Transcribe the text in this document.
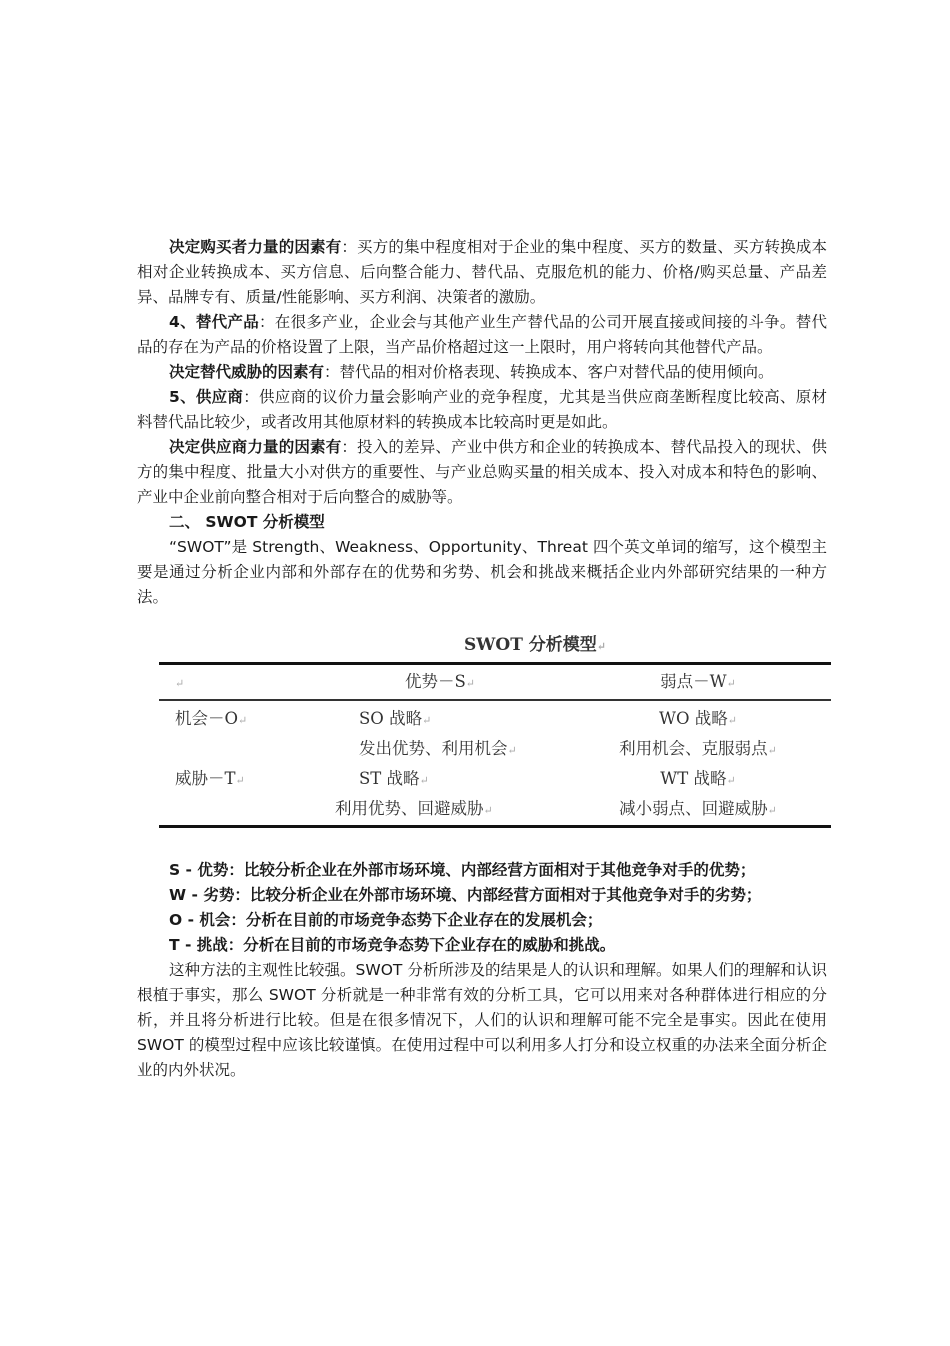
决定购买者力量的因素有：买方的集中程度相对于企业的集中程度、买方的数量、买方转换成本相对企业转换成本、买方信息、后向整合能力、替代品、克服危机的能力、价格/购买总量、产品差异、品牌专有、质量/性能影响、买方利润、决策者的激励。

4、替代产品：在很多产业，企业会与其他产业生产替代品的公司开展直接或间接的斗争。替代品的存在为产品的价格设置了上限，当产品价格超过这一上限时，用户将转向其他替代产品。

决定替代威胁的因素有：替代品的相对价格表现、转换成本、客户对替代品的使用倾向。

5、供应商：供应商的议价力量会影响产业的竞争程度，尤其是当供应商垄断程度比较高、原材料替代品比较少，或者改用其他原材料的转换成本比较高时更是如此。

决定供应商力量的因素有：投入的差异、产业中供方和企业的转换成本、替代品投入的现状、供方的集中程度、批量大小对供方的重要性、与产业总购买量的相关成本、投入对成本和特色的影响、产业中企业前向整合相对于后向整合的威胁等。

二、 SWOT 分析模型

“SWOT”是 Strength、Weakness、Opportunity、Threat 四个英文单词的缩写，这个模型主要是通过分析企业内部和外部存在的优势和劣势、机会和挑战来概括企业内外部研究结果的一种方法。

SWOT 分析模型↵
↵	优势－S↵	弱点－W↵
机会－O↵	SO 战略↵	WO 战略↵
	发出优势、利用机会↵	利用机会、克服弱点↵
威胁－T↵	ST 战略↵	WT 战略↵
	利用优势、回避威胁↵	减小弱点、回避威胁↵

S - 优势：比较分析企业在外部市场环境、内部经营方面相对于其他竞争对手的优势；

W - 劣势：比较分析企业在外部市场环境、内部经营方面相对于其他竞争对手的劣势；

O - 机会：分析在目前的市场竞争态势下企业存在的发展机会；

T - 挑战：分析在目前的市场竞争态势下企业存在的威胁和挑战。

这种方法的主观性比较强。SWOT 分析所涉及的结果是人的认识和理解。如果人们的理解和认识根植于事实，那么 SWOT 分析就是一种非常有效的分析工具，它可以用来对各种群体进行相应的分析，并且将分析进行比较。但是在很多情况下，人们的认识和理解可能不完全是事实。因此在使用 SWOT 的模型过程中应该比较谨慎。在使用过程中可以利用多人打分和设立权重的办法来全面分析企业的内外状况。
